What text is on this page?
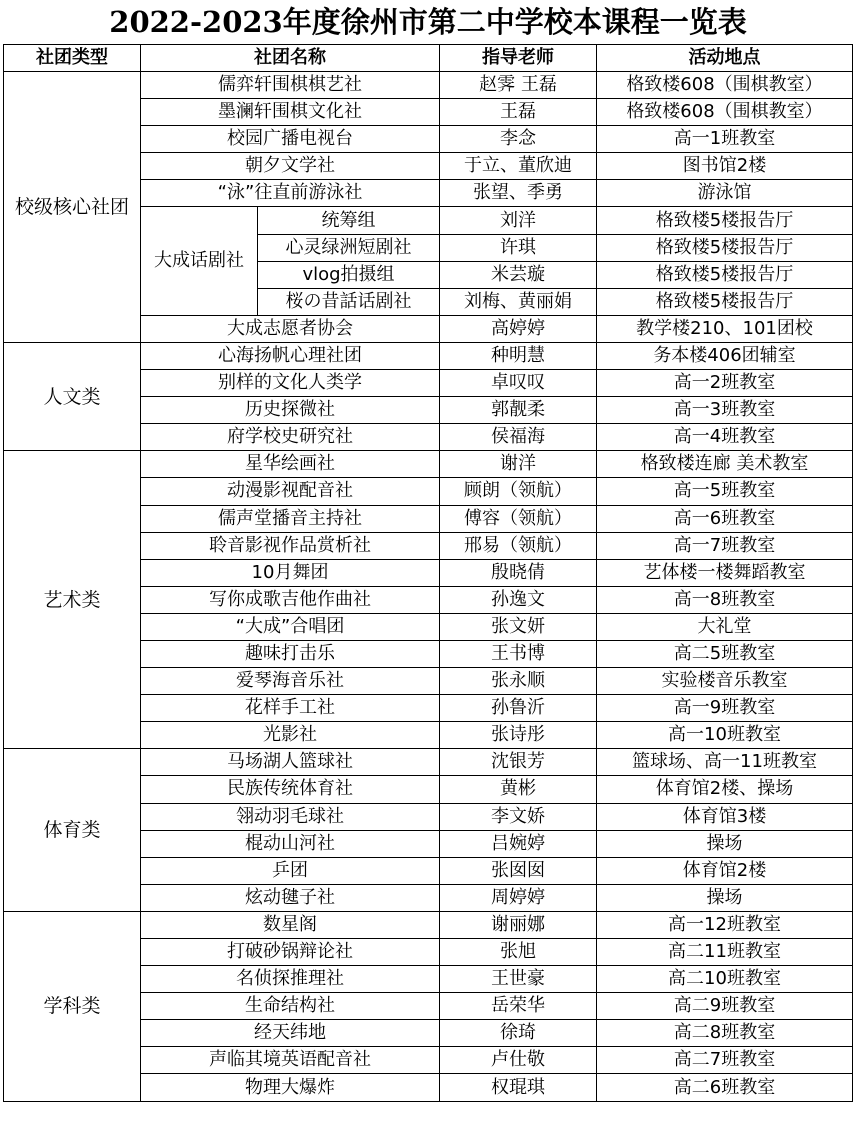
2022-2023年度徐州市第二中学校本课程一览表
社团类型	社团名称		指导老师	活动地点
校级核心社团	儒弈轩围棋棋艺社		赵霁 王磊	格致楼608（围棋教室）
	墨澜轩围棋文化社		王磊	格致楼608（围棋教室）
	校园广播电视台		李念	高一1班教室
	朝夕文学社		于立、董欣迪	图书馆2楼
	“泳”往直前游泳社		张望、季勇	游泳馆
	大成话剧社	统筹组	刘洋	格致楼5楼报告厅
		心灵绿洲短剧社	许琪	格致楼5楼报告厅
		vlog拍摄组	米芸璇	格致楼5楼报告厅
		桜の昔話话剧社	刘梅、黄丽娟	格致楼5楼报告厅
	大成志愿者协会		高婷婷	教学楼210、101团校
人文类	心海扬帆心理社团		种明慧	务本楼406团辅室
	别样的文化人类学		卓叹叹	高一2班教室
	历史探微社		郭靓柔	高一3班教室
	府学校史研究社		侯福海	高一4班教室
艺术类	星华绘画社		谢洋	格致楼连廊 美术教室
	动漫影视配音社		顾朗（领航）	高一5班教室
	儒声堂播音主持社		傅容（领航）	高一6班教室
	聆音影视作品赏析社		邢易（领航）	高一7班教室
	10月舞团		殷晓倩	艺体楼一楼舞蹈教室
	写你成歌吉他作曲社		孙逸文	高一8班教室
	“大成”合唱团		张文妍	大礼堂
	趣味打击乐		王书博	高二5班教室
	爱琴海音乐社		张永顺	实验楼音乐教室
	花样手工社		孙鲁沂	高一9班教室
	光影社		张诗彤	高一10班教室
体育类	马场湖人篮球社		沈银芳	篮球场、高一11班教室
	民族传统体育社		黄彬	体育馆2楼、操场
	翎动羽毛球社		李文娇	体育馆3楼
	棍动山河社		吕婉婷	操场
	乒团		张囡囡	体育馆2楼
	炫动毽子社		周婷婷	操场
学科类	数星阁		谢丽娜	高一12班教室
	打破砂锅辩论社		张旭	高二11班教室
	名侦探推理社		王世豪	高二10班教室
	生命结构社		岳荣华	高二9班教室
	经天纬地		徐琦	高二8班教室
	声临其境英语配音社		卢仕敬	高二7班教室
	物理大爆炸		权琨琪	高二6班教室
